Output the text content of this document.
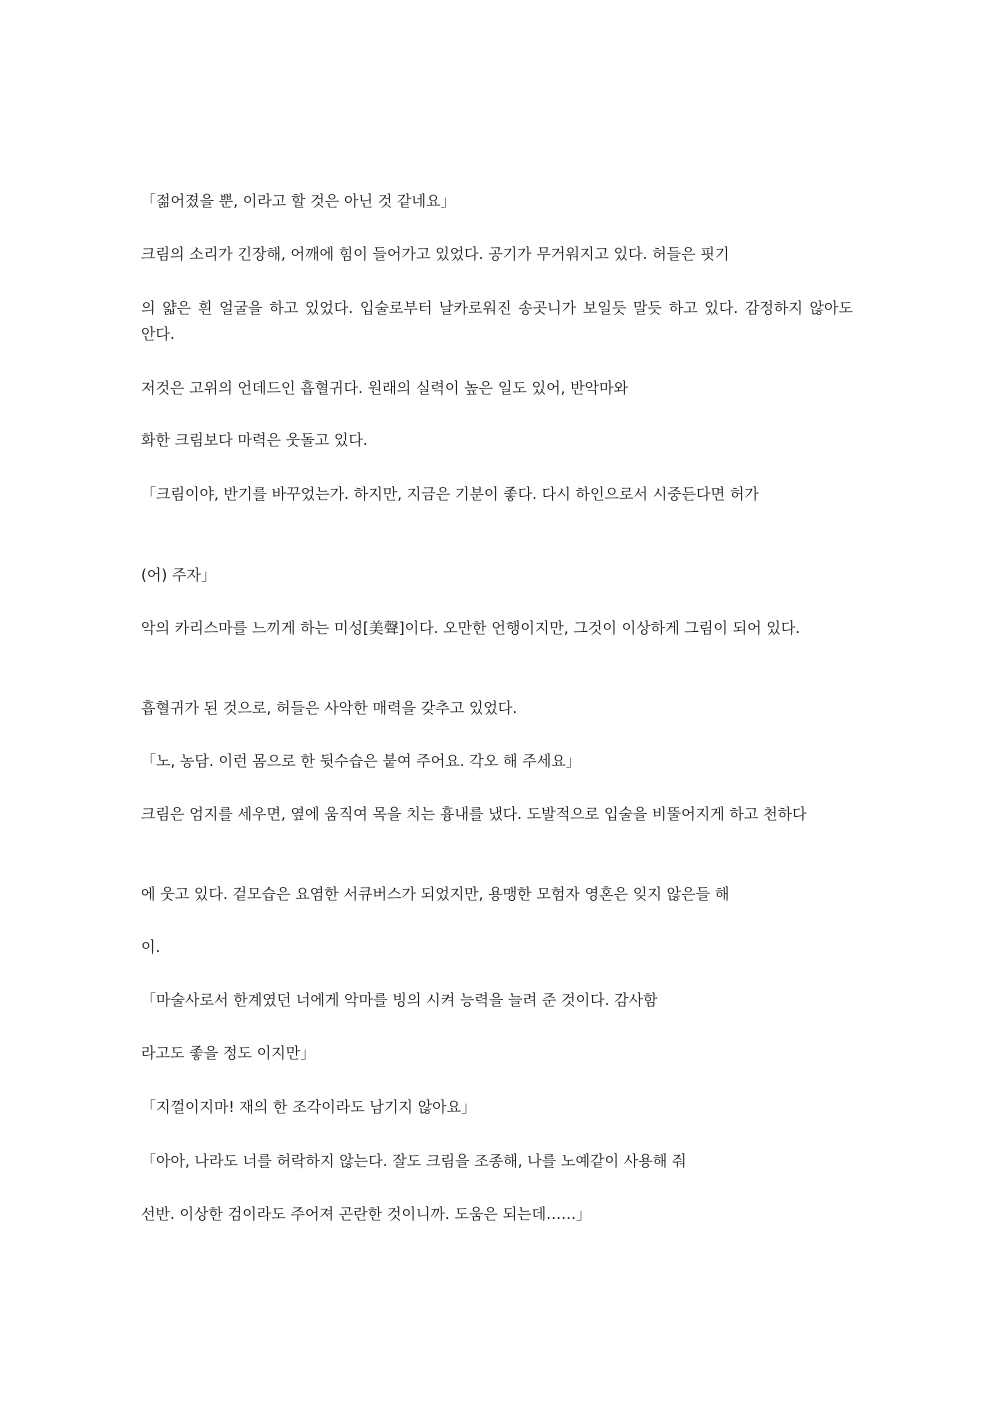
「젊어졌을 뿐, 이라고 할 것은 아닌 것 같네요」

크림의 소리가 긴장해, 어깨에 힘이 들어가고 있었다. 공기가 무거워지고 있다. 허들은 핏기

의 얇은 흰 얼굴을 하고 있었다. 입술로부터 날카로워진 송곳니가 보일듯 말듯 하고 있다. 감정하지 않아도 안다.

저것은 고위의 언데드인 흡혈귀다. 원래의 실력이 높은 일도 있어, 반악마와

화한 크림보다 마력은 웃돌고 있다.

「크림이야, 반기를 바꾸었는가. 하지만, 지금은 기분이 좋다. 다시 하인으로서 시중든다면 허가

(어) 주자」

악의 카리스마를 느끼게 하는 미성[美聲]이다. 오만한 언행이지만, 그것이 이상하게 그림이 되어 있다.

흡혈귀가 된 것으로, 허들은 사악한 매력을 갖추고 있었다.

「노, 농담. 이런 몸으로 한 뒷수습은 붙여 주어요. 각오 해 주세요」

크림은 엄지를 세우면, 옆에 움직여 목을 치는 흉내를 냈다. 도발적으로 입술을 비뚤어지게 하고 천하다

에 웃고 있다. 겉모습은 요염한 서큐버스가 되었지만, 용맹한 모험자 영혼은 잊지 않은들 해

이.

「마술사로서 한계였던 너에게 악마를 빙의 시켜 능력을 늘려 준 것이다. 감사함

라고도 좋을 정도 이지만」

「지껄이지마! 재의 한 조각이라도 남기지 않아요」

「아아, 나라도 너를 허락하지 않는다. 잘도 크림을 조종해, 나를 노예같이 사용해 줘

선반. 이상한 검이라도 주어져 곤란한 것이니까. 도움은 되는데……」
